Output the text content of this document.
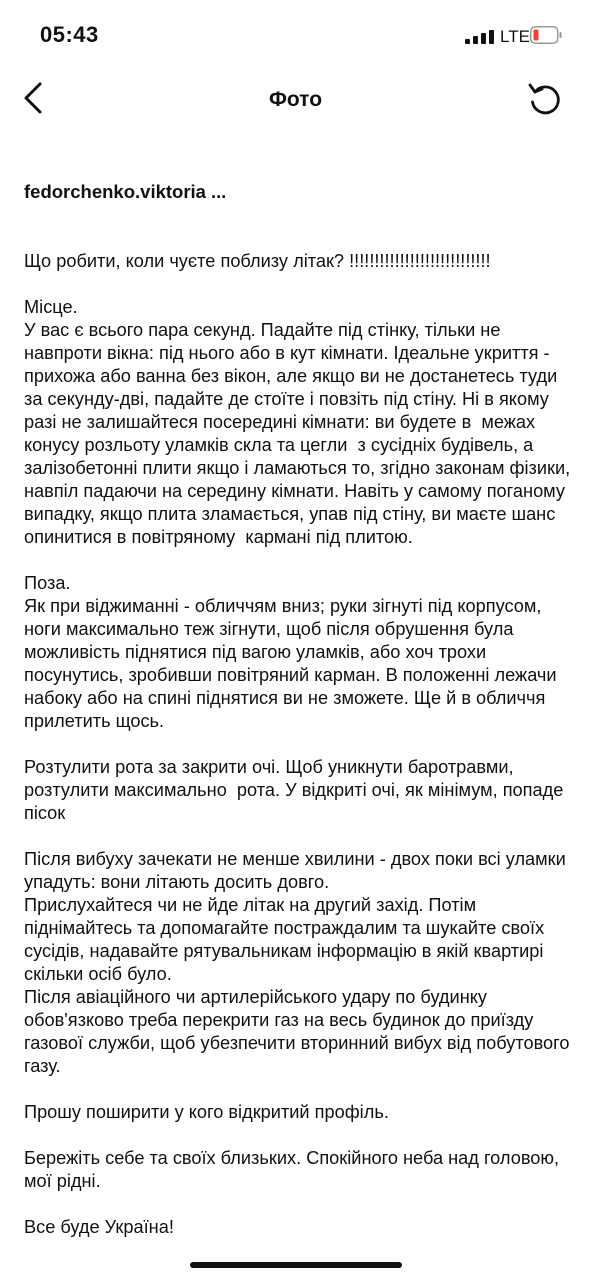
05:43	LTE
Фото

fedorchenko.viktoria ...

Що робити, коли чуєте поблизу літак? !!!!!!!!!!!!!!!!!!!!!!!!!!!!

Місце.
У вас є всього пара секунд. Падайте під стінку, тільки не навпроти вікна: під нього або в кут кімнати. Ідеальне укриття - прихожа або ванна без вікон, але якщо ви не достанетесь туди за секунду-дві, падайте де стоїте і повзіть під стіну. Ні в якому разі не залишайтеся посередині кімнати: ви будете в  межах конусу розльоту уламків скла та цегли  з сусідніх будівель, а залізобетонні плити якщо і ламаються то, згідно законам фізики, навпіл падаючи на середину кімнати. Навіть у самому поганому випадку, якщо плита зламається, упав під стіну, ви маєте шанс опинитися в повітряному  кармані під плитою.

Поза.
Як при віджиманні - обличчям вниз; руки зігнуті під корпусом, ноги максимально теж зігнути, щоб після обрушення була можливість піднятися під вагою уламків, або хоч трохи посунутись, зробивши повітряний карман. В положенні лежачи набоку або на спині піднятися ви не зможете. Ще й в обличчя прилетить щось.

Розтулити рота за закрити очі. Щоб уникнути баротравми, розтулити максимально  рота. У відкриті очі, як мінімум, попаде пісок

Після вибуху зачекати не менше хвилини - двох поки всі уламки упадуть: вони літають досить довго.
Прислухайтеся чи не йде літак на другий захід. Потім піднімайтесь та допомагайте постраждалим та шукайте своїх сусідів, надавайте рятувальникам інформацію в якій квартирі скільки осіб було.
Після авіаційного чи артилерійського удару по будинку обов'язково треба перекрити газ на весь будинок до приїзду газової служби, щоб убезпечити вторинний вибух від побутового газу.

Прошу поширити у кого відкритий профіль.

Бережіть себе та своїх близьких. Спокійного неба над головою, мої рідні.

Все буде Україна!
